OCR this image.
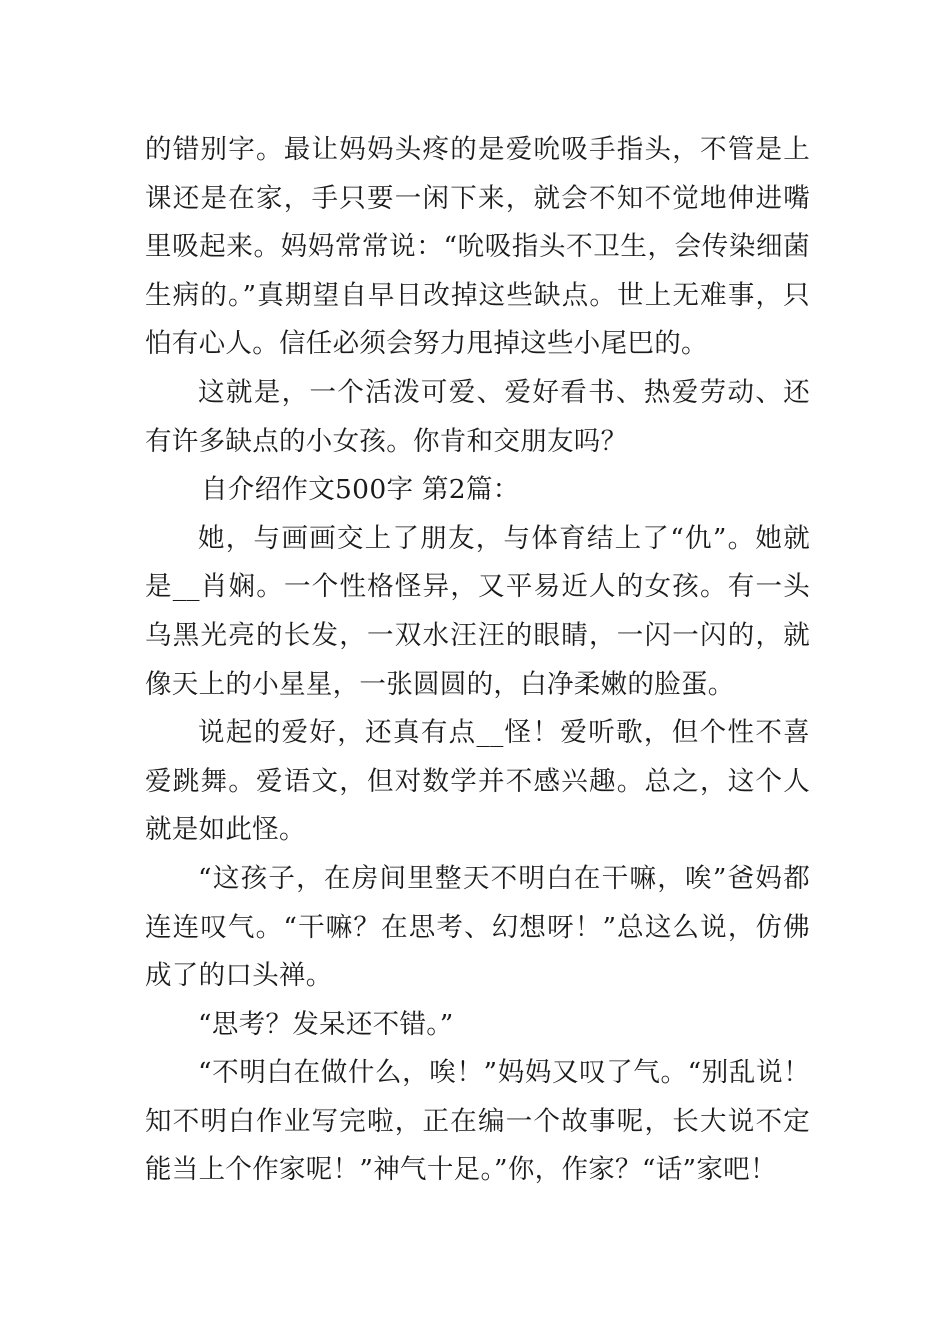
的错别字。最让妈妈头疼的是爱吮吸手指头，不管是上课还是在家，手只要一闲下来，就会不知不觉地伸进嘴里吸起来。妈妈常常说：“吮吸指头不卫生，会传染细菌生病的。”真期望自早日改掉这些缺点。世上无难事，只怕有心人。信任必须会努力甩掉这些小尾巴的。

这就是，一个活泼可爱、爱好看书、热爱劳动、还有许多缺点的小女孩。你肯和交朋友吗？

自介绍作文500字 第2篇：

她，与画画交上了朋友，与体育结上了“仇”。她就是__肖娴。一个性格怪异，又平易近人的女孩。有一头乌黑光亮的长发，一双水汪汪的眼睛，一闪一闪的，就像天上的小星星，一张圆圆的，白净柔嫩的脸蛋。

说起的爱好，还真有点__怪！爱听歌，但个性不喜爱跳舞。爱语文，但对数学并不感兴趣。总之，这个人就是如此怪。

“这孩子，在房间里整天不明白在干嘛，唉”爸妈都连连叹气。“干嘛？在思考、幻想呀！”总这么说，仿佛成了的口头禅。

“思考？发呆还不错。”

“不明白在做什么，唉！”妈妈又叹了气。“别乱说！知不明白作业写完啦，正在编一个故事呢，长大说不定能当上个作家呢！”神气十足。”你，作家？“话”家吧！
